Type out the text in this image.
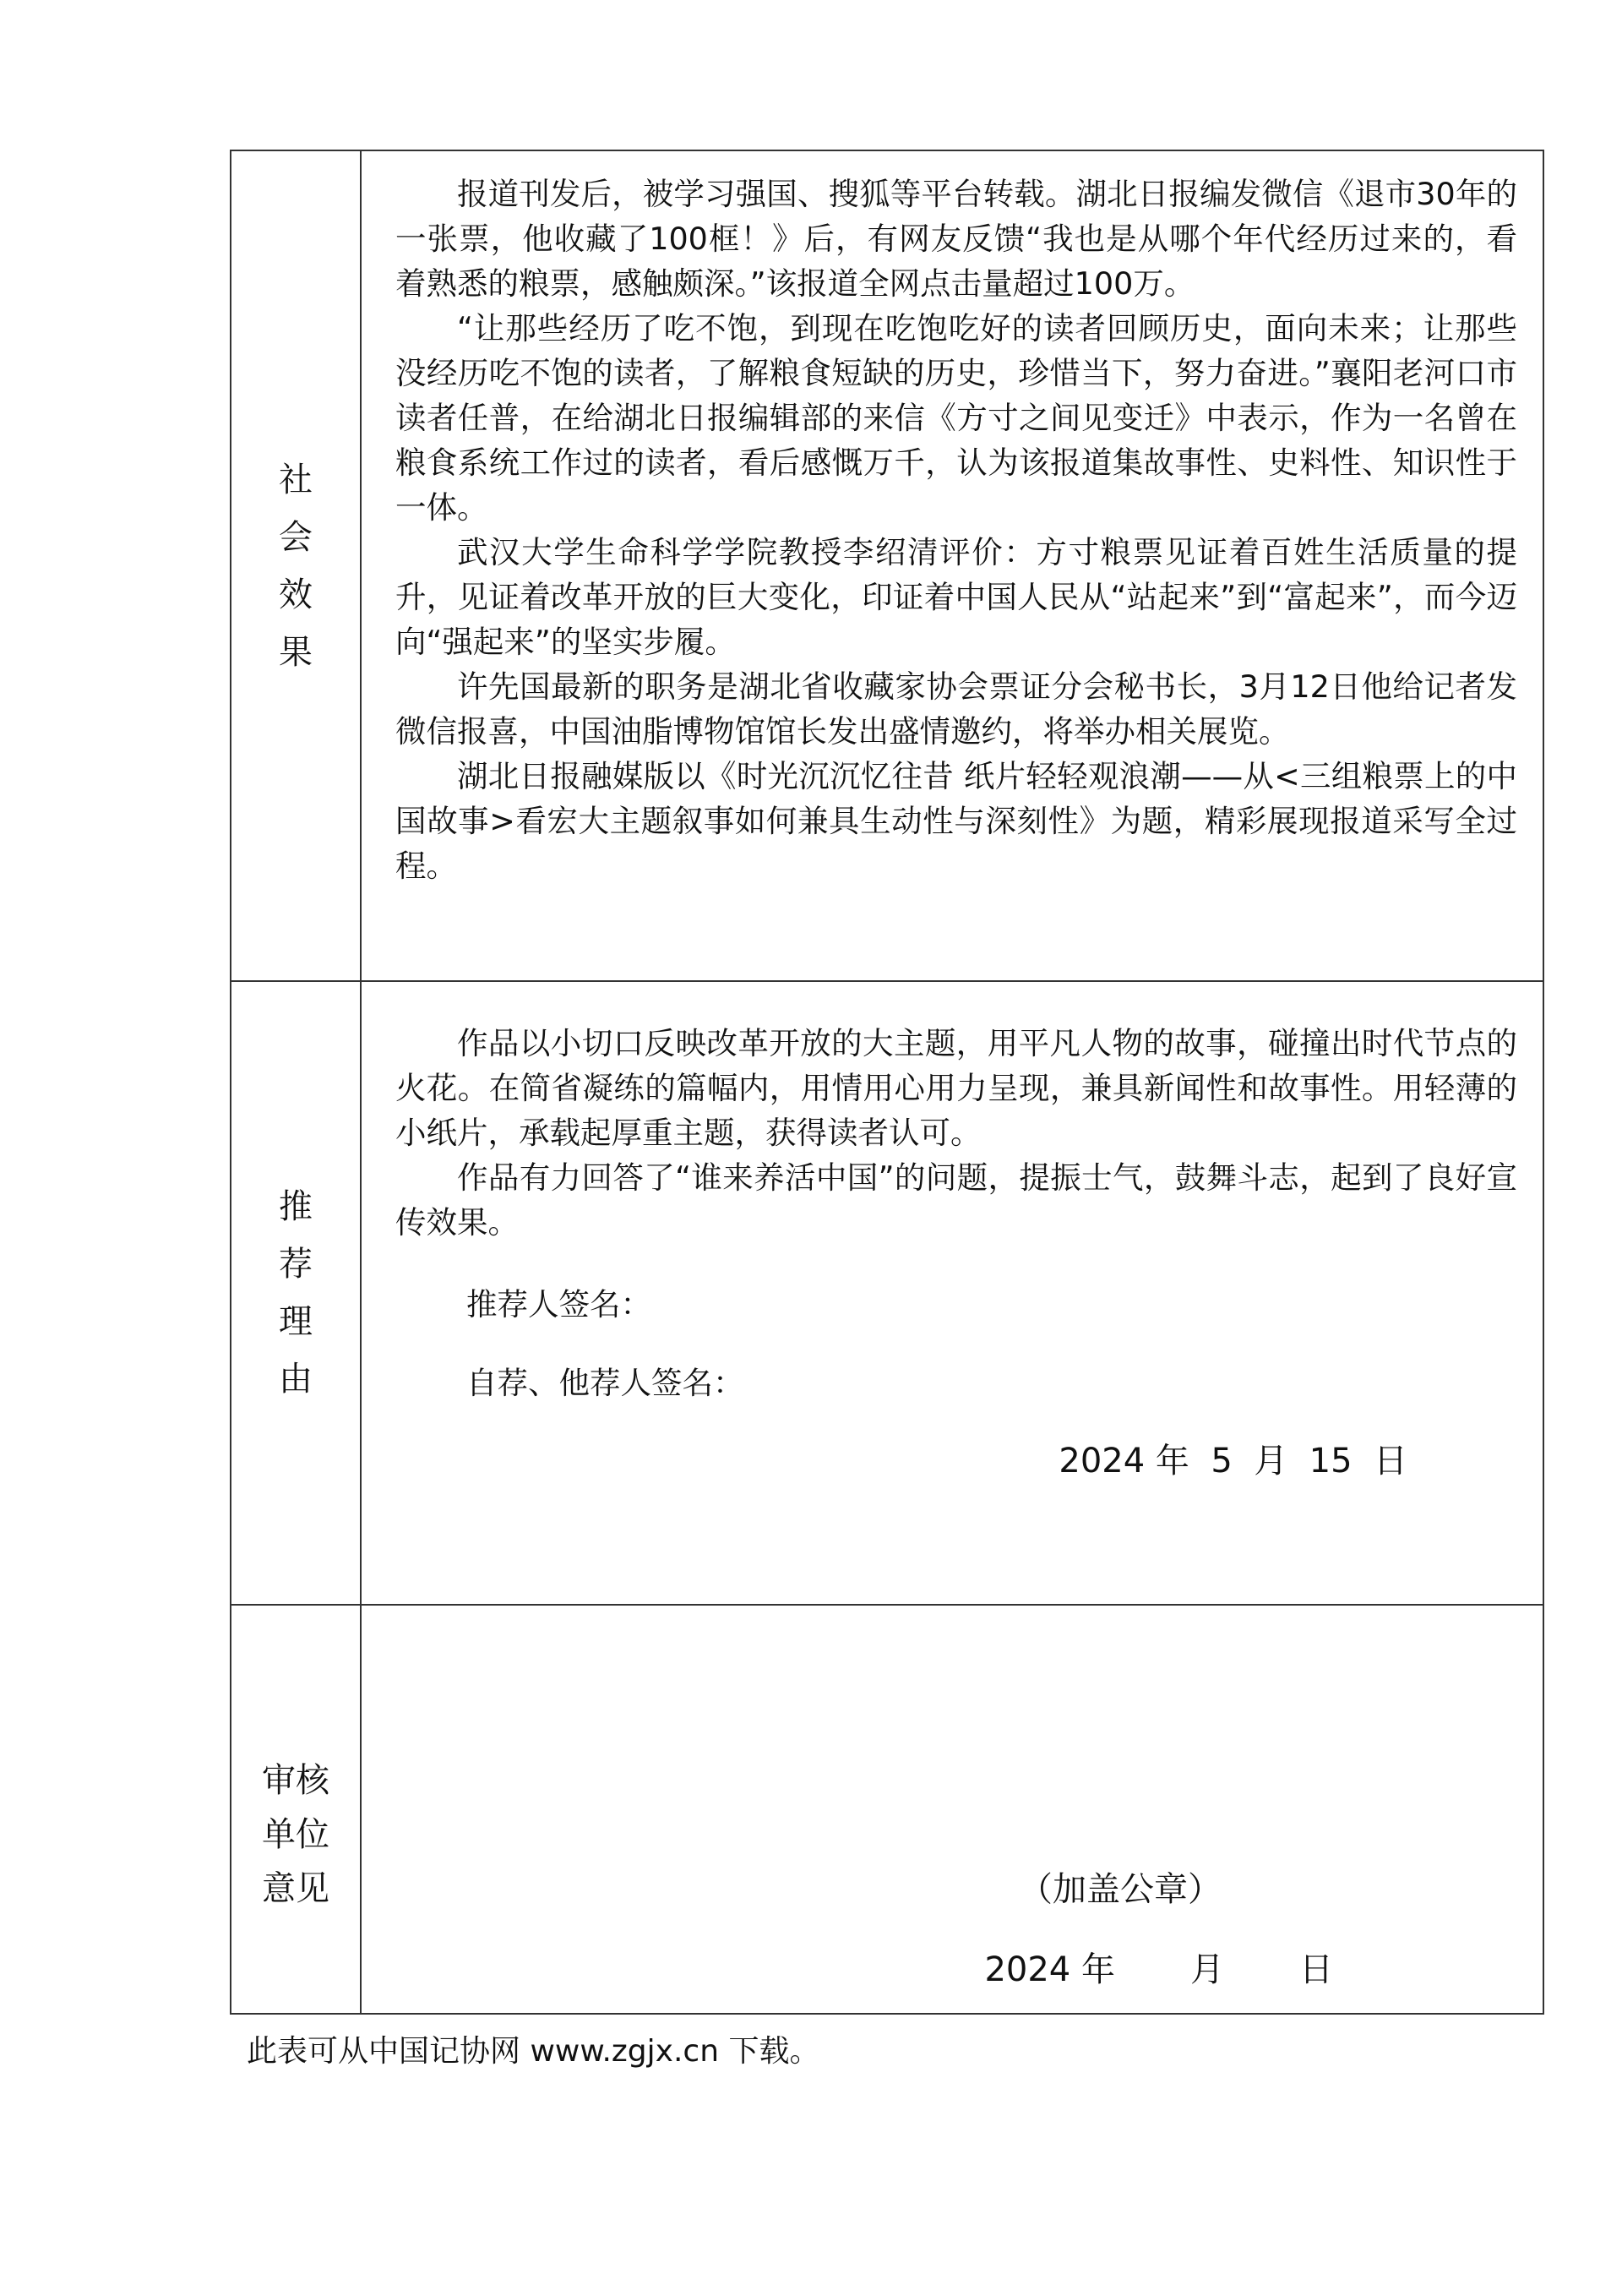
社会效果	报道刊发后，被学习强国、搜狐等平台转载。湖北日报编发微信《退市30年的一张票，他收藏了100框！》后，有网友反馈“我也是从哪个年代经历过来的，看着熟悉的粮票，感触颇深。”该报道全网点击量超过100万。

“让那些经历了吃不饱，到现在吃饱吃好的读者回顾历史，面向未来；让那些没经历吃不饱的读者，了解粮食短缺的历史，珍惜当下，努力奋进。”襄阳老河口市读者任普，在给湖北日报编辑部的来信《方寸之间见变迁》中表示，作为一名曾在粮食系统工作过的读者，看后感慨万千，认为该报道集故事性、史料性、知识性于一体。

武汉大学生命科学学院教授李绍清评价：方寸粮票见证着百姓生活质量的提升，见证着改革开放的巨大变化，印证着中国人民从“站起来”到“富起来”，而今迈向“强起来”的坚实步履。

许先国最新的职务是湖北省收藏家协会票证分会秘书长，3月12日他给记者发微信报喜，中国油脂博物馆馆长发出盛情邀约，将举办相关展览。

湖北日报融媒版以《时光沉沉忆往昔 纸片轻轻观浪潮——从<三组粮票上的中国故事>看宏大主题叙事如何兼具生动性与深刻性》为题，精彩展现报道采写全过程。

推荐理由	作品以小切口反映改革开放的大主题，用平凡人物的故事，碰撞出时代节点的火花。在简省凝练的篇幅内，用情用心用力呈现，兼具新闻性和故事性。用轻薄的小纸片，承载起厚重主题，获得读者认可。

作品有力回答了“谁来养活中国”的问题，提振士气，鼓舞斗志，起到了良好宣传效果。

推荐人签名：

自荐、他荐人签名：

2024 年 5 月 15 日

审核单位意见	（加盖公章）

2024 年 月 日

此表可从中国记协网 www.zgjx.cn 下载。
